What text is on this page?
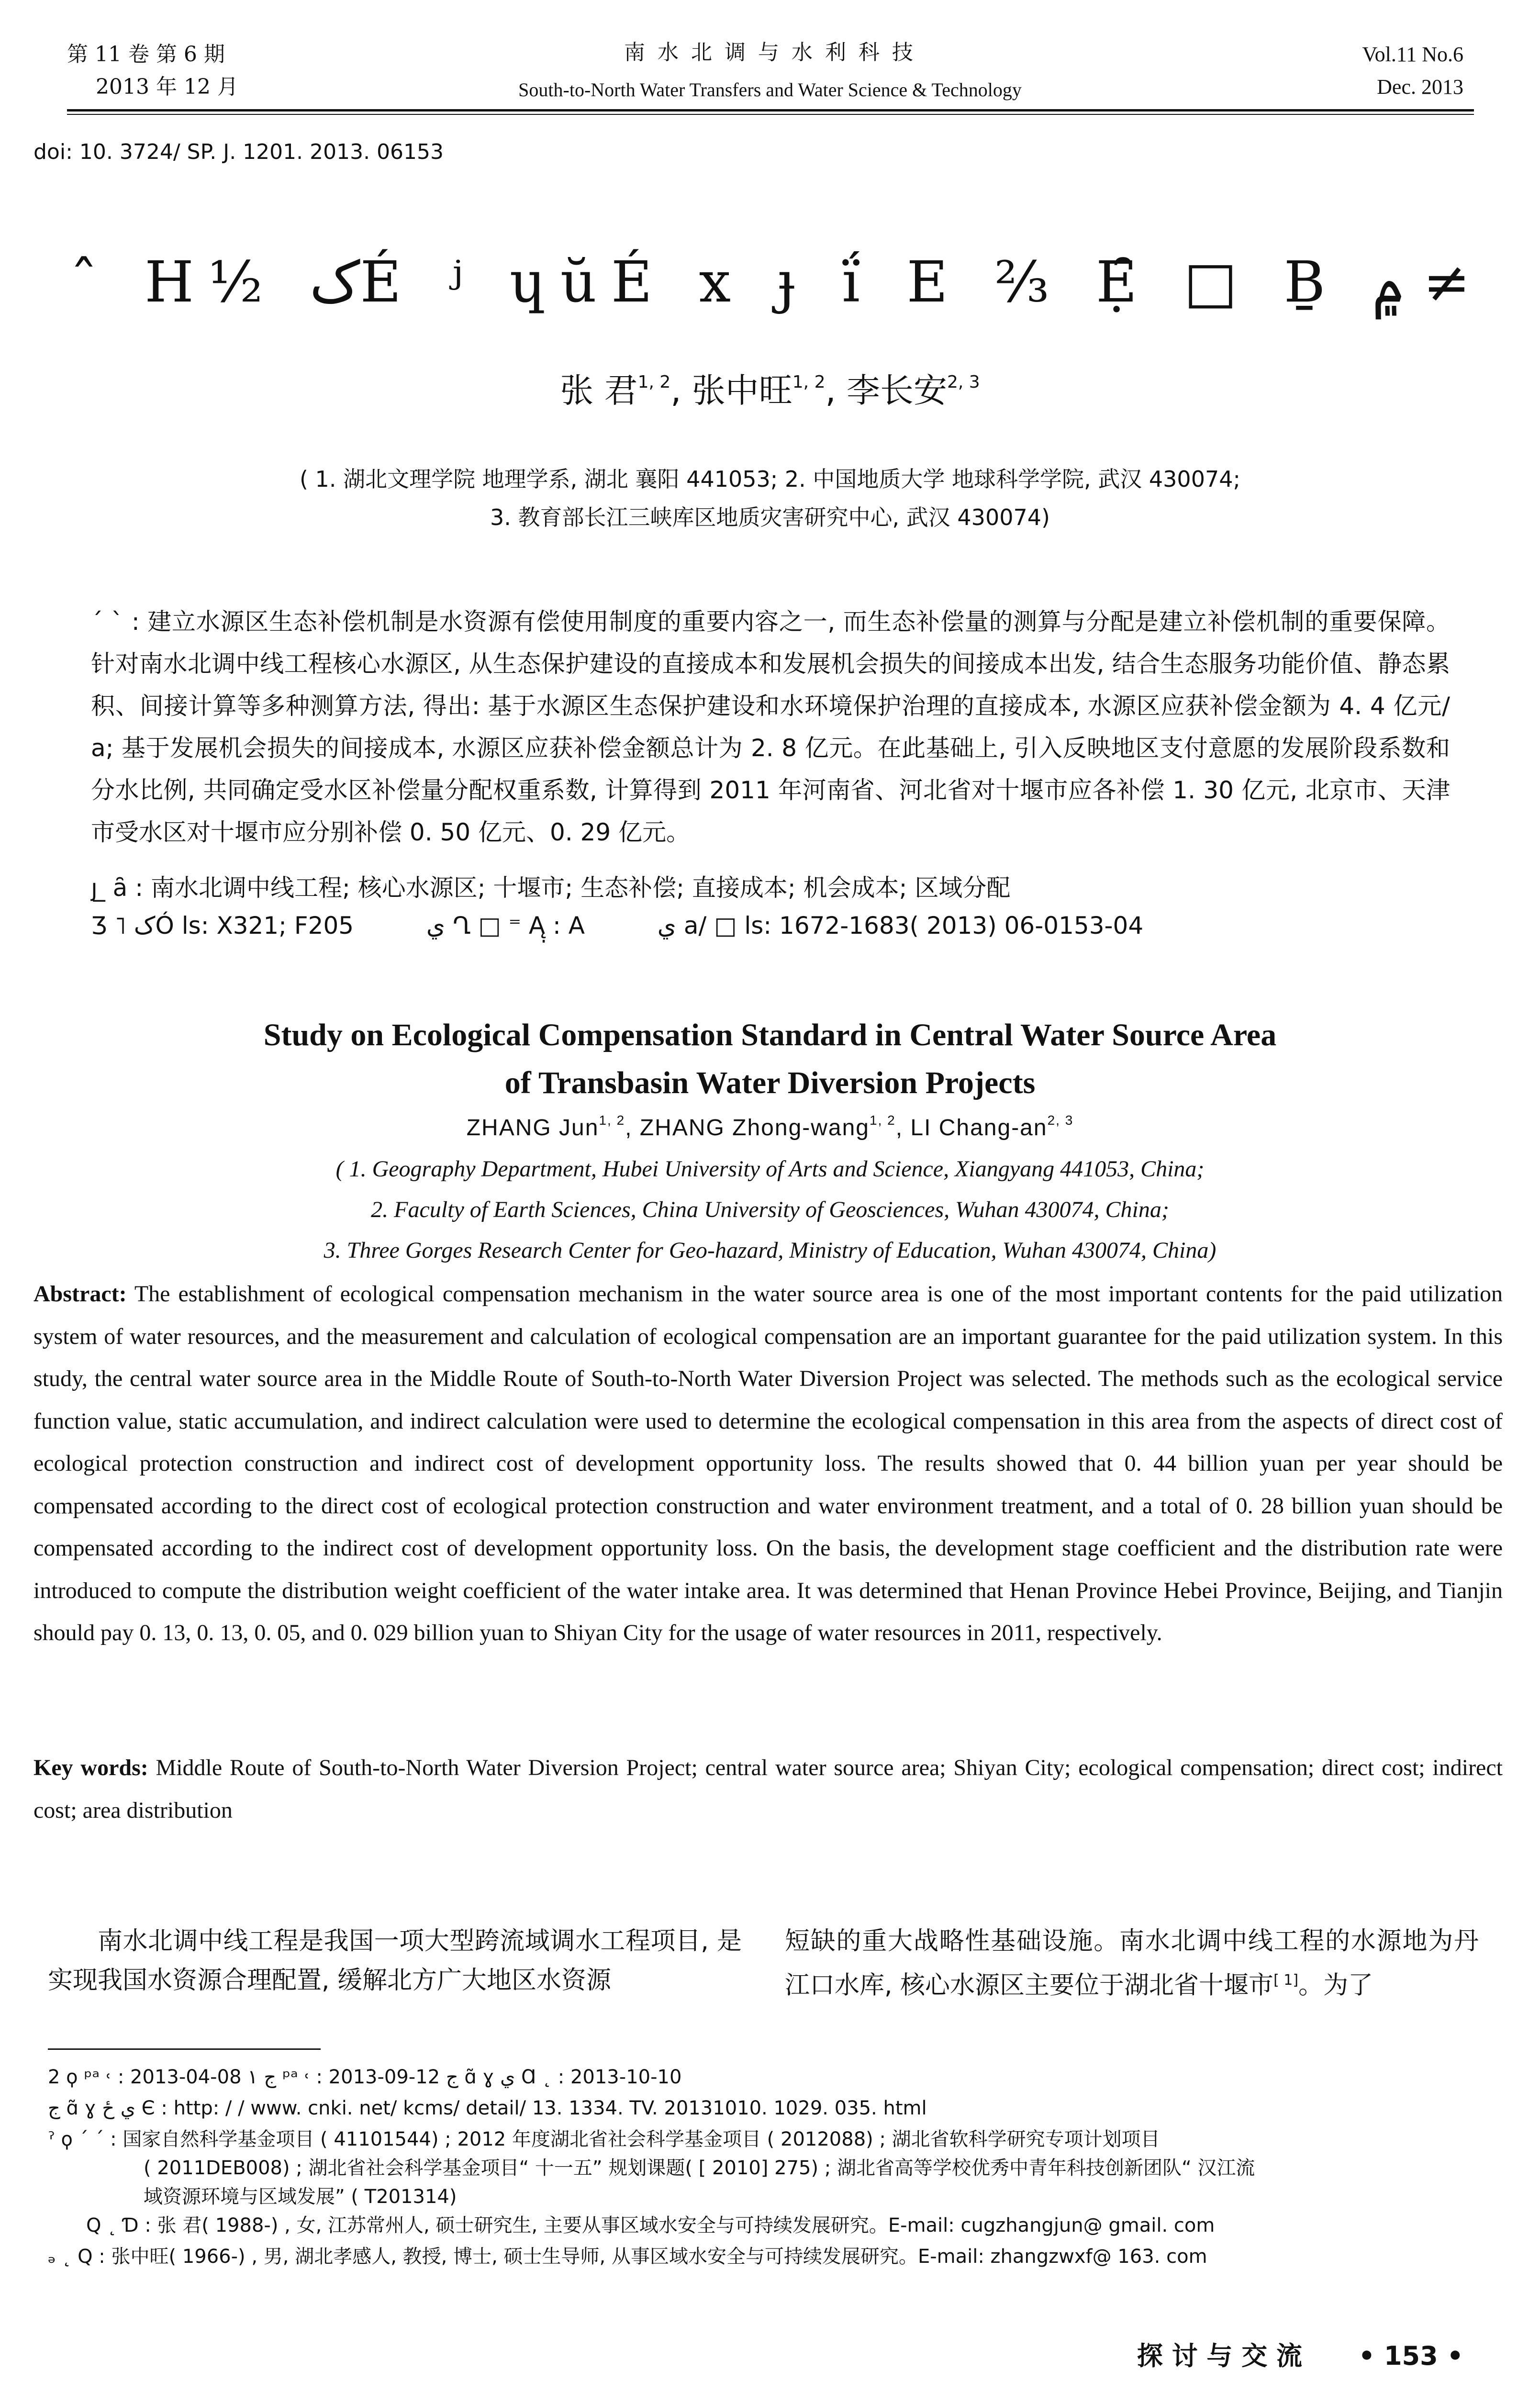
第 11 卷 第 6 期
2013 年 12 月
南 水 北 调 与 水 利 科 技
South-to-North Water Transfers and Water Science & Technology
Vol.11 No.6
Dec. 2013
doi: 10. 3724/ SP. J. 1201. 2013. 06153
ˆ H½ کÉ ʲ ɥŭÉ x ɟ ḯ E ⅔ Ẹ̑ □ Ḇ ۾ ≠
张 君$^{1, 2}$, 张中旺$^{1, 2}$, 李长安$^{2, 3}$
( 1. 湖北文理学院 地理学系, 湖北 襄阳 441053; 2. 中国地质大学 地球科学学院, 武汉 430074;
3. 教育部长江三峡库区地质灾害研究中心, 武汉 430074)
ˊ ˋ : 建立水源区生态补偿机制是水资源有偿使用制度的重要内容之一, 而生态补偿量的测算与分配是建立补偿机制的重要保障。针对南水北调中线工程核心水源区, 从生态保护建设的直接成本和发展机会损失的间接成本出发, 结合生态服务功能价值、静态累积、间接计算等多种测算方法, 得出: 基于水源区生态保护建设和水环境保护治理的直接成本, 水源区应获补偿金额为 4. 4 亿元/ a; 基于发展机会损失的间接成本, 水源区应获补偿金额总计为 2. 8 亿元。在此基础上, 引入反映地区支付意愿的发展阶段系数和分水比例, 共同确定受水区补偿量分配权重系数, 计算得到 2011 年河南省、河北省对十堰市应各补偿 1. 30 亿元, 北京市、天津市受水区对十堰市应分别补偿 0. 50 亿元、0. 29 亿元。
ȷ ̲ ȃ : 南水北调中线工程; 核心水源区; 十堰市; 生态补偿; 直接成本; 机会成本; 区域分配
Ʒ ˥ کÓ ls: X321; F205	ي Ղ □ ⁼ Ą̣ : A	ي a/ □ ls: 1672-1683( 2013) 06-0153-04
Study on Ecological Compensation Standard in Central Water Source Area
of Transbasin Water Diversion Projects
ZHANG Jun$^{1, 2}$, ZHANG Zhong-wang$^{1, 2}$, LI Chang-an$^{2, 3}$
( 1. Geography Department, Hubei University of Arts and Science, Xiangyang 441053, China;
2. Faculty of Earth Sciences, China University of Geosciences, Wuhan 430074, China;
3. Three Gorges Research Center for Geo-hazard, Ministry of Education, Wuhan 430074, China)
Abstract: The establishment of ecological compensation mechanism in the water source area is one of the most important contents for the paid utilization system of water resources, and the measurement and calculation of ecological compensation are an important guarantee for the paid utilization system. In this study, the central water source area in the Middle Route of South-to-North Water Diversion Project was selected. The methods such as the ecological service function value, static accumulation, and indirect calculation were used to determine the ecological compensation in this area from the aspects of direct cost of ecological protection construction and indirect cost of development opportunity loss. The results showed that 0. 44 billion yuan per year should be compensated according to the direct cost of ecological protection construction and water environment treatment, and a total of 0. 28 billion yuan should be compensated according to the indirect cost of development opportunity loss. On the basis, the development stage coefficient and the distribution rate were introduced to compute the distribution weight coefficient of the water intake area. It was determined that Henan Province Hebei Province, Beijing, and Tianjin should pay 0. 13, 0. 13, 0. 05, and 0. 029 billion yuan to Shiyan City for the usage of water resources in 2011, respectively.
Key words: Middle Route of South-to-North Water Diversion Project; central water source area; Shiyan City; ecological compensation; direct cost; indirect cost; area distribution
南水北调中线工程是我国一项大型跨流域调水工程项目, 是实现我国水资源合理配置, 缓解北方广大地区水资源
短缺的重大战略性基础设施。南水北调中线工程的水源地为丹江口水库, 核心水源区主要位于湖北省十堰市[ 1]。为了
2 ϙ ᵖᵃ ˓ : 2013-04-08 ج ۱ ᵖᵃ ˓ : 2013-09-12 ج ɑ̃ ɣ ي Ɑ ˛ : 2013-10-10
ج ɑ̃ ɣ ي ځ Є : http: / / www. cnki. net/ kcms/ detail/ 13. 1334. TV. 20131010. 1029. 035. html
ˀ ϙ ˊ ˊ : 国家自然科学基金项目 ( 41101544) ; 2012 年度湖北省社会科学基金项目 ( 2012088) ; 湖北省软科学研究专项计划项目
( 2011DEB008) ; 湖北省社会科学基金项目“ 十一五” 规划课题( [ 2010] 275) ; 湖北省高等学校优秀中青年科技创新团队“ 汉江流
域资源环境与区域发展” ( T201314)
Q ˛ Ɗ : 张 君( 1988-) , 女, 江苏常州人, 硕士研究生, 主要从事区域水安全与可持续发展研究。E-mail: cugzhangjun@ gmail. com
ₔ ˛ Q : 张中旺( 1966-) , 男, 湖北孝感人, 教授, 博士, 硕士生导师, 从事区域水安全与可持续发展研究。E-mail: zhangzwxf@ 163. com
探 讨 与 交 流 • 153 •
